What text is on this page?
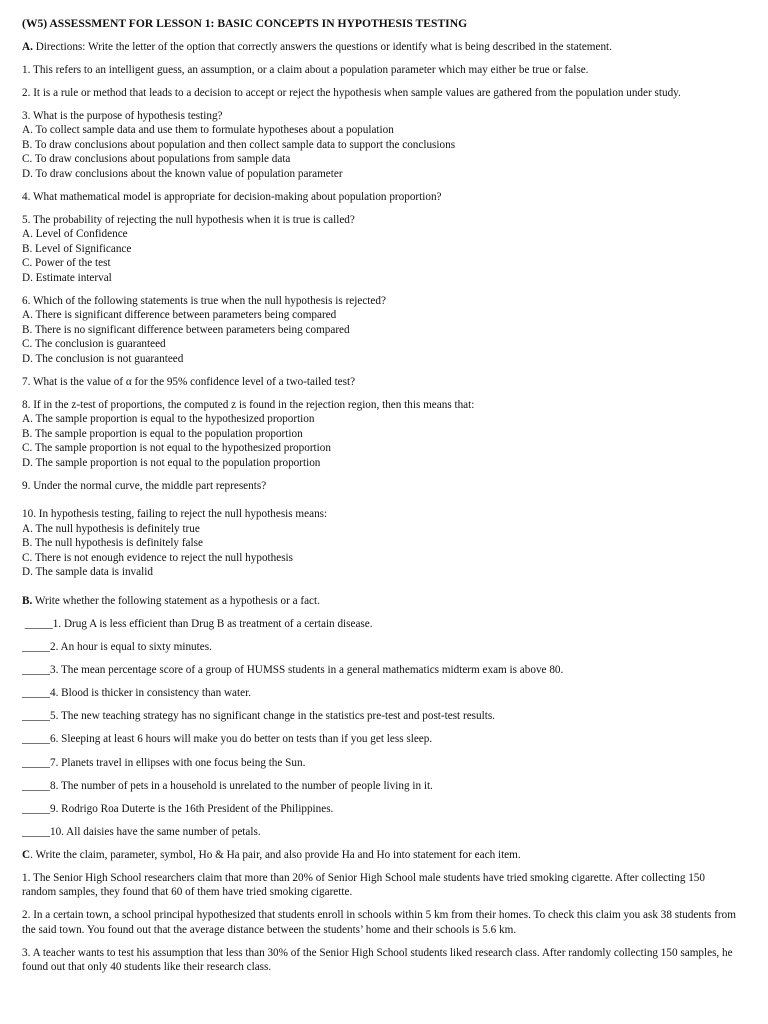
(W5) ASSESSMENT FOR LESSON 1: BASIC CONCEPTS IN HYPOTHESIS TESTING
A. Directions: Write the letter of the option that correctly answers the questions or identify what is being described in the statement.
1. This refers to an intelligent guess, an assumption, or a claim about a population parameter which may either be true or false.
2. It is a rule or method that leads to a decision to accept or reject the hypothesis when sample values are gathered from the population under study.
3. What is the purpose of hypothesis testing?
A. To collect sample data and use them to formulate hypotheses about a population
B. To draw conclusions about population and then collect sample data to support the conclusions
C. To draw conclusions about populations from sample data
D. To draw conclusions about the known value of population parameter
4. What mathematical model is appropriate for decision-making about population proportion?
5. The probability of rejecting the null hypothesis when it is true is called?
A. Level of Confidence
B. Level of Significance
C. Power of the test
D. Estimate interval
6. Which of the following statements is true when the null hypothesis is rejected?
A. There is significant difference between parameters being compared
B. There is no significant difference between parameters being compared
C. The conclusion is guaranteed
D. The conclusion is not guaranteed
7. What is the value of α for the 95% confidence level of a two-tailed test?
8. If in the z-test of proportions, the computed z is found in the rejection region, then this means that:
A. The sample proportion is equal to the hypothesized proportion
B. The sample proportion is equal to the population proportion
C. The sample proportion is not equal to the hypothesized proportion
D. The sample proportion is not equal to the population proportion
9. Under the normal curve, the middle part represents?
10. In hypothesis testing, failing to reject the null hypothesis means:
A. The null hypothesis is definitely true
B. The null hypothesis is definitely false
C. There is not enough evidence to reject the null hypothesis
D. The sample data is invalid
B. Write whether the following statement as a hypothesis or a fact.
_____1. Drug A is less efficient than Drug B as treatment of a certain disease.
_____2. An hour is equal to sixty minutes.
_____3. The mean percentage score of a group of HUMSS students in a general mathematics midterm exam is above 80.
_____4. Blood is thicker in consistency than water.
_____5. The new teaching strategy has no significant change in the statistics pre-test and post-test results.
_____6. Sleeping at least 6 hours will make you do better on tests than if you get less sleep.
_____7. Planets travel in ellipses with one focus being the Sun.
_____8. The number of pets in a household is unrelated to the number of people living in it.
_____9. Rodrigo Roa Duterte is the 16th President of the Philippines.
_____10. All daisies have the same number of petals.
C. Write the claim, parameter, symbol, Ho & Ha pair, and also provide Ha and Ho into statement for each item.
1. The Senior High School researchers claim that more than 20% of Senior High School male students have tried smoking cigarette. After collecting 150 random samples, they found that 60 of them have tried smoking cigarette.
2. In a certain town, a school principal hypothesized that students enroll in schools within 5 km from their homes. To check this claim you ask 38 students from the said town. You found out that the average distance between the students’ home and their schools is 5.6 km.
3. A teacher wants to test his assumption that less than 30% of the Senior High School students liked research class. After randomly collecting 150 samples, he found out that only 40 students like their research class.
